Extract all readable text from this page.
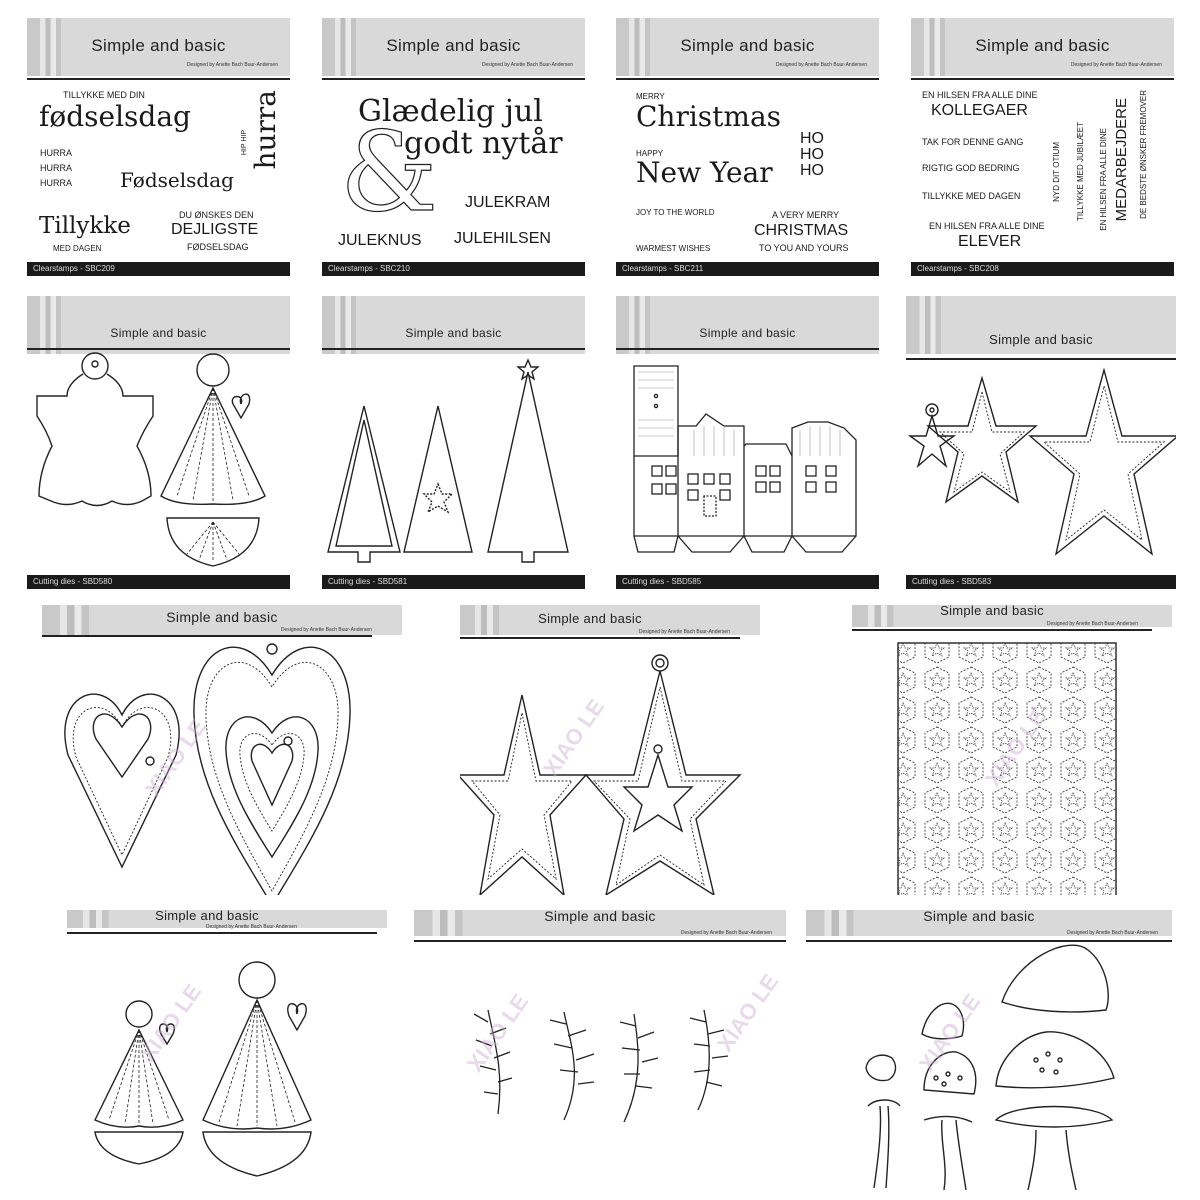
Simple and basic
Designed by Anette Bach Buur-Andersen
TILLYKKE MED DIN
fødselsdag
HURRA
HURRA
HURRA Fødselsdag
HIP HIP hurra
Tillykke
MED DAGEN
DU ØNSKES DEN
DEJLIGSTE
FØDSELSDAG
Clearstamps - SBC209
Simple and basic
Designed by Anette Bach Buur-Andersen
&
Glædelig jul
godt nytår
JULEKRAM
JULEKNUS JULEHILSEN
Clearstamps - SBC210
Simple and basic
Designed by Anette Bach Buur-Andersen
MERRY
Christmas
HAPPY
New Year
HO
HO
HO
JOY TO THE WORLD	A VERY MERRY
CHRISTMAS
TO YOU AND YOURS
WARMEST WISHES
Clearstamps - SBC211
Simple and basic
Designed by Anette Bach Buur-Andersen
EN HILSEN FRA ALLE DINE
KOLLEGAER
TAK FOR DENNE GANG
RIGTIG GOD BEDRING
TILLYKKE MED DAGEN
EN HILSEN FRA ALLE DINE
ELEVER
NYD DIT OTIUM TILLYKKE MED JUBILÆET EN HILSEN FRA ALLE DINE MEDARBEJDERE DE BEDSTE ØNSKER FREMOVER
Clearstamps - SBC208
Simple and basic
Cutting dies - SBD580
Simple and basic
Cutting dies - SBD581
Simple and basic
Cutting dies - SBD585
Simple and basic
Cutting dies - SBD583
Simple and basic
Designed by Anette Bach Buur-Andersen
XIAO LE
Simple and basic
Designed by Anette Bach Buur-Andersen
XIAO LE
Simple and basic
Designed by Anette Bach Buur-Andersen
XIAO LE
Simple and basic
Designed by Anette Bach Buur-Andersen
XIAO LE
Simple and basic
Designed by Anette Bach Buur-Andersen
XIAO LE	XIAO LE
Simple and basic
Designed by Anette Bach Buur-Andersen
XIAO LE
